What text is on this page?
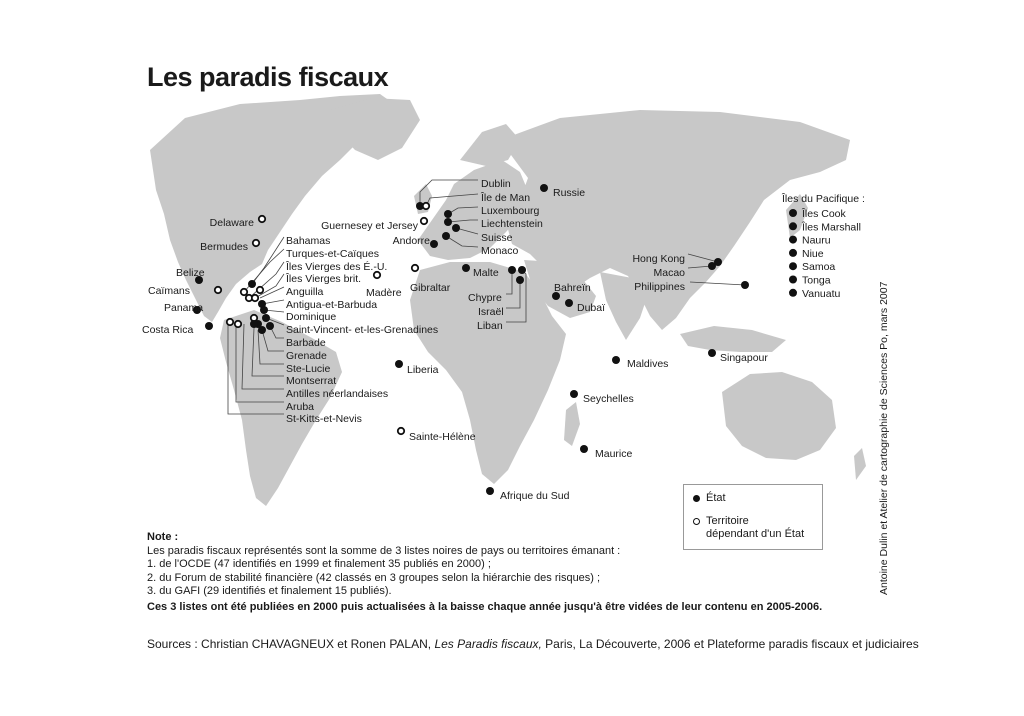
Les paradis fiscaux
Delaware
Bermudes	Bahamas
Turques-et-Caïques
Îles Vierges des É.-U.
Îles Vierges brit.
Anguilla
Antigua-et-Barbuda
Dominique
Saint-Vincent- et-les-Grenadines
Barbade
Grenade
Ste-Lucie
Montserrat
Antilles néerlandaises
Aruba
St-Kitts-et-Nevis
Belize
Caïmans
Panama
Costa Rica
Madère Gibraltar
Liberia
Sainte-Hélène
Dublin
Île de Man
Luxembourg
Guernesey et Jersey	Liechtenstein
Andorre	Suisse
Monaco
Malte
Chypre
Israël
Liban
Russie
Bahreïn
Dubaï
Maldives
Seychelles
Maurice
Afrique du Sud
Hong Kong
Macao
Philippines
Singapour
Îles du Pacifique :
Îles Cook
Îles Marshall
Nauru
Niue
Samoa
Tonga
Vanuatu
État
Territoire
dépendant d'un État
Note :
Les paradis fiscaux représentés sont la somme de 3 listes noires de pays ou territoires émanant :
1. de l'OCDE (47 identifiés en 1999 et finalement 35 publiés en 2000) ;
2. du Forum de stabilité financière (42 classés en 3 groupes selon la hiérarchie des risques) ;
3. du GAFI (29 identifiés et finalement 15 publiés).
Ces 3 listes ont été publiées en 2000 puis actualisées à la baisse chaque année jusqu'à être vidées de leur contenu en 2005-2006.
Sources : Christian CHAVAGNEUX et Ronen PALAN, Les Paradis fiscaux, Paris, La Découverte, 2006 et Plateforme paradis fiscaux et judiciaires
Antoine Dulin et Atelier de cartographie de Sciences Po, mars 2007
